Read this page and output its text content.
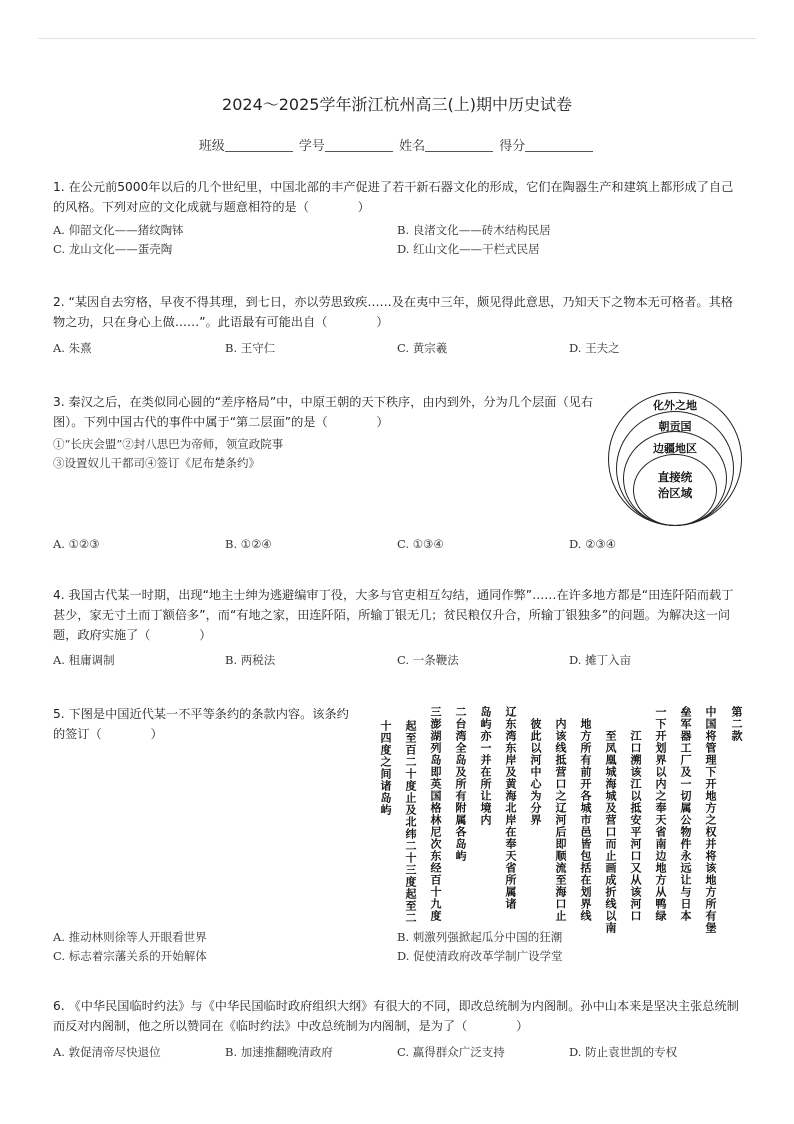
2024～2025学年浙江杭州高三(上)期中历史试卷
班级	学号	姓名	得分
1. 在公元前5000年以后的几个世纪里，中国北部的丰产促进了若干新石器文化的形成，它们在陶器生产和建筑上都形成了自己的风格。下列对应的文化成就与题意相符的是（　　　　）
A. 仰韶文化——猪纹陶钵	B. 良渚文化——砖木结构民居
C. 龙山文化——蛋壳陶	D. 红山文化——干栏式民居
2. “某因自去穷格，早夜不得其理，到七日，亦以劳思致疾……及在夷中三年，颇见得此意思，乃知天下之物本无可格者。其格物之功，只在身心上做……”。此语最有可能出自（　　　　）
A. 朱熹	B. 王守仁	C. 黄宗羲	D. 王夫之
3. 秦汉之后，在类似同心圆的“差序格局”中，中原王朝的天下秩序，由内到外，分为几个层面（见右图）。下列中国古代的事件中属于“第二层面”的是（　　　　）
①“长庆会盟”②封八思巴为帝师，领宣政院事
③设置奴儿干都司④签订《尼布楚条约》
化外之地
朝贡国
边疆地区
直接统
治区域
A. ①②③	B. ①②④	C. ①③④	D. ②③④
4. 我国古代某一时期，出现“地主士绅为逃避编审丁役，大多与官吏相互勾结，通同作弊”……在许多地方都是“田连阡陌而载丁甚少，家无寸土而丁额倍多”，而“有地之家，田连阡陌，所输丁银无几；贫民粮仅升合，所输丁银独多”的问题。为解决这一问题，政府实施了（　　　　）
A. 租庸调制	B. 两税法	C. 一条鞭法	D. 摊丁入亩
5. 下图是中国近代某一不平等条约的条款内容。该条约的签订（　　　　）	第二款
中国将管理下开地方之权并将该地方所有堡
垒军器工厂及一切属公物件永远让与日本
一下开划界以内之奉天省南边地方从鸭绿
江口溯该江以抵安平河口又从该河口
至凤凰城海城及营口而止画成折线以南
地方所有前开各城市邑皆包括在划界线
内该线抵营口之辽河后即顺流至海口止
彼此以河中心为分界
辽东湾东岸及黄海北岸在奉天省所属诸
岛屿亦一并在所让境内
二台湾全岛及所有附属各岛屿
三澎湖列岛即英国格林尼次东经百十九度
起至百二十度止及北纬二十三度起至二
十四度之间诸岛屿
A. 推动林则徐等人开眼看世界	B. 刺激列强掀起瓜分中国的狂潮
C. 标志着宗藩关系的开始解体	D. 促使清政府改革学制广设学堂
6. 《中华民国临时约法》与《中华民国临时政府组织大纲》有很大的不同，即改总统制为内阁制。孙中山本来是坚决主张总统制而反对内阁制，他之所以赞同在《临时约法》中改总统制为内阁制，是为了（　　　　）
A. 敦促清帝尽快退位	B. 加速推翻晚清政府	C. 赢得群众广泛支持	D. 防止袁世凯的专权
